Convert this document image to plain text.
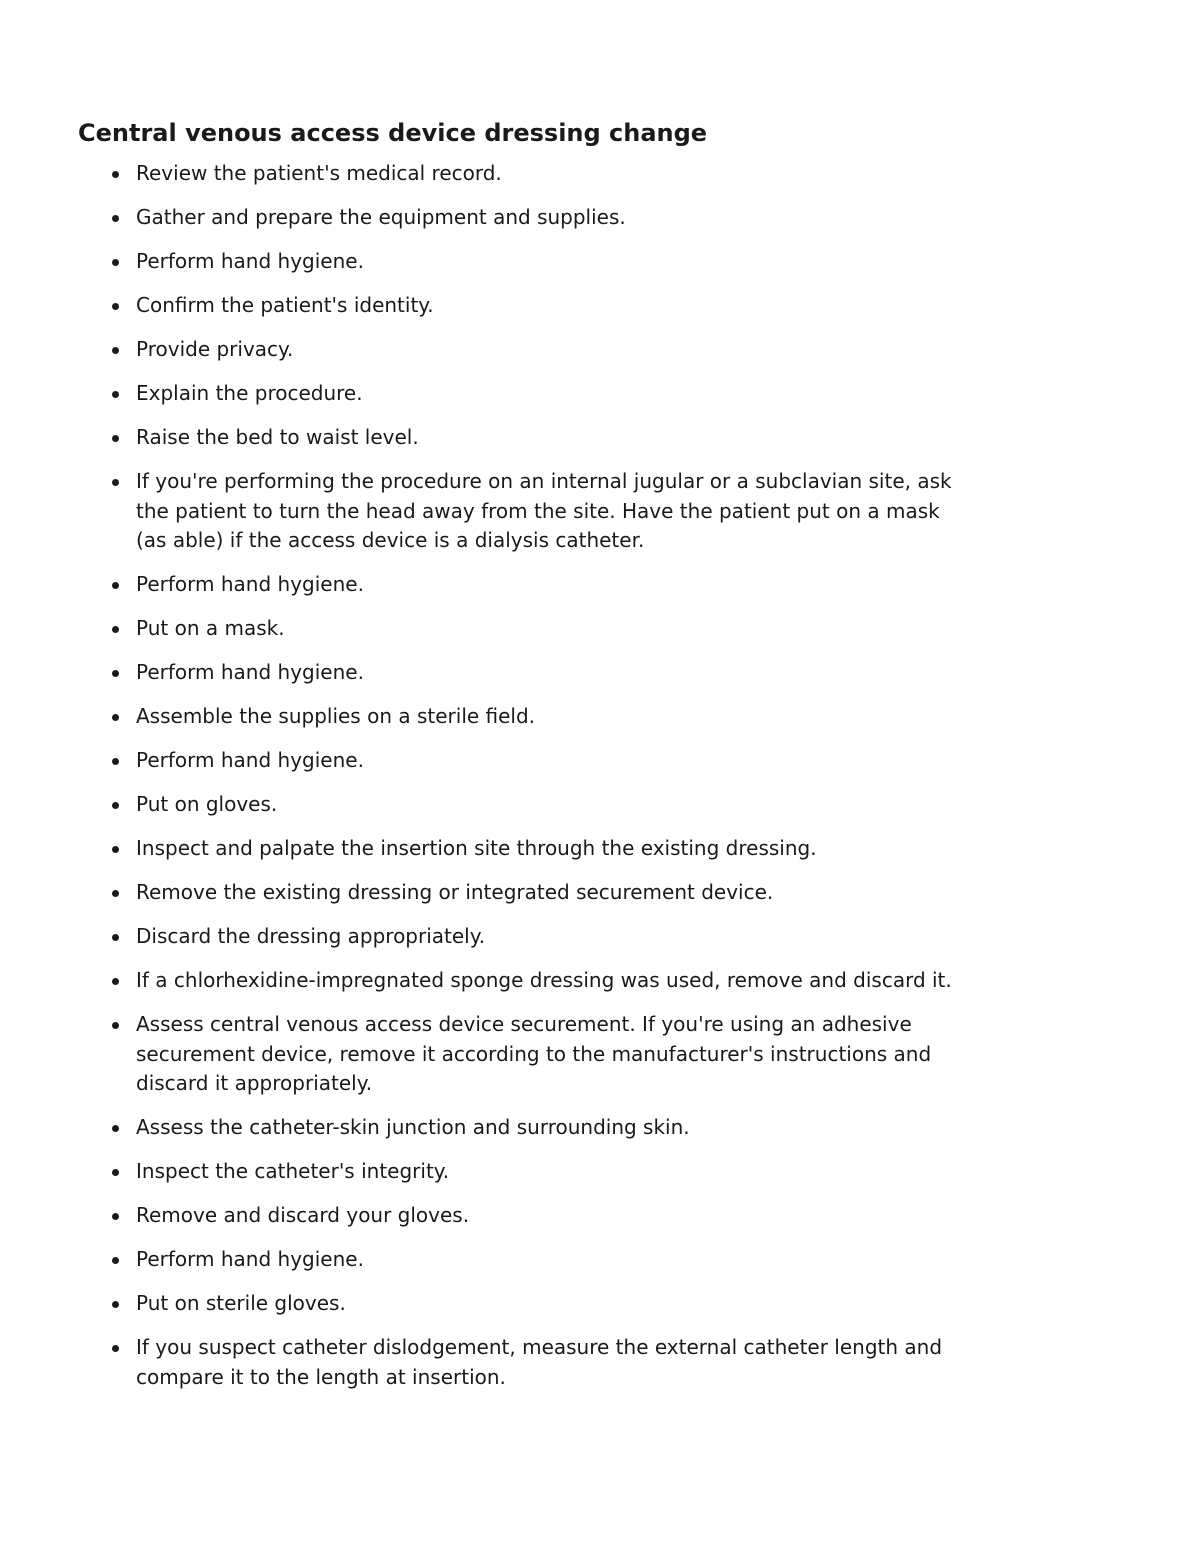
Central venous access device dressing change
Review the patient's medical record.
Gather and prepare the equipment and supplies.
Perform hand hygiene.
Confirm the patient's identity.
Provide privacy.
Explain the procedure.
Raise the bed to waist level.
If you're performing the procedure on an internal jugular or a subclavian site, ask the patient to turn the head away from the site. Have the patient put on a mask (as able) if the access device is a dialysis catheter.
Perform hand hygiene.
Put on a mask.
Perform hand hygiene.
Assemble the supplies on a sterile field.
Perform hand hygiene.
Put on gloves.
Inspect and palpate the insertion site through the existing dressing.
Remove the existing dressing or integrated securement device.
Discard the dressing appropriately.
If a chlorhexidine-impregnated sponge dressing was used, remove and discard it.
Assess central venous access device securement. If you're using an adhesive securement device, remove it according to the manufacturer's instructions and discard it appropriately.
Assess the catheter-skin junction and surrounding skin.
Inspect the catheter's integrity.
Remove and discard your gloves.
Perform hand hygiene.
Put on sterile gloves.
If you suspect catheter dislodgement, measure the external catheter length and compare it to the length at insertion.
